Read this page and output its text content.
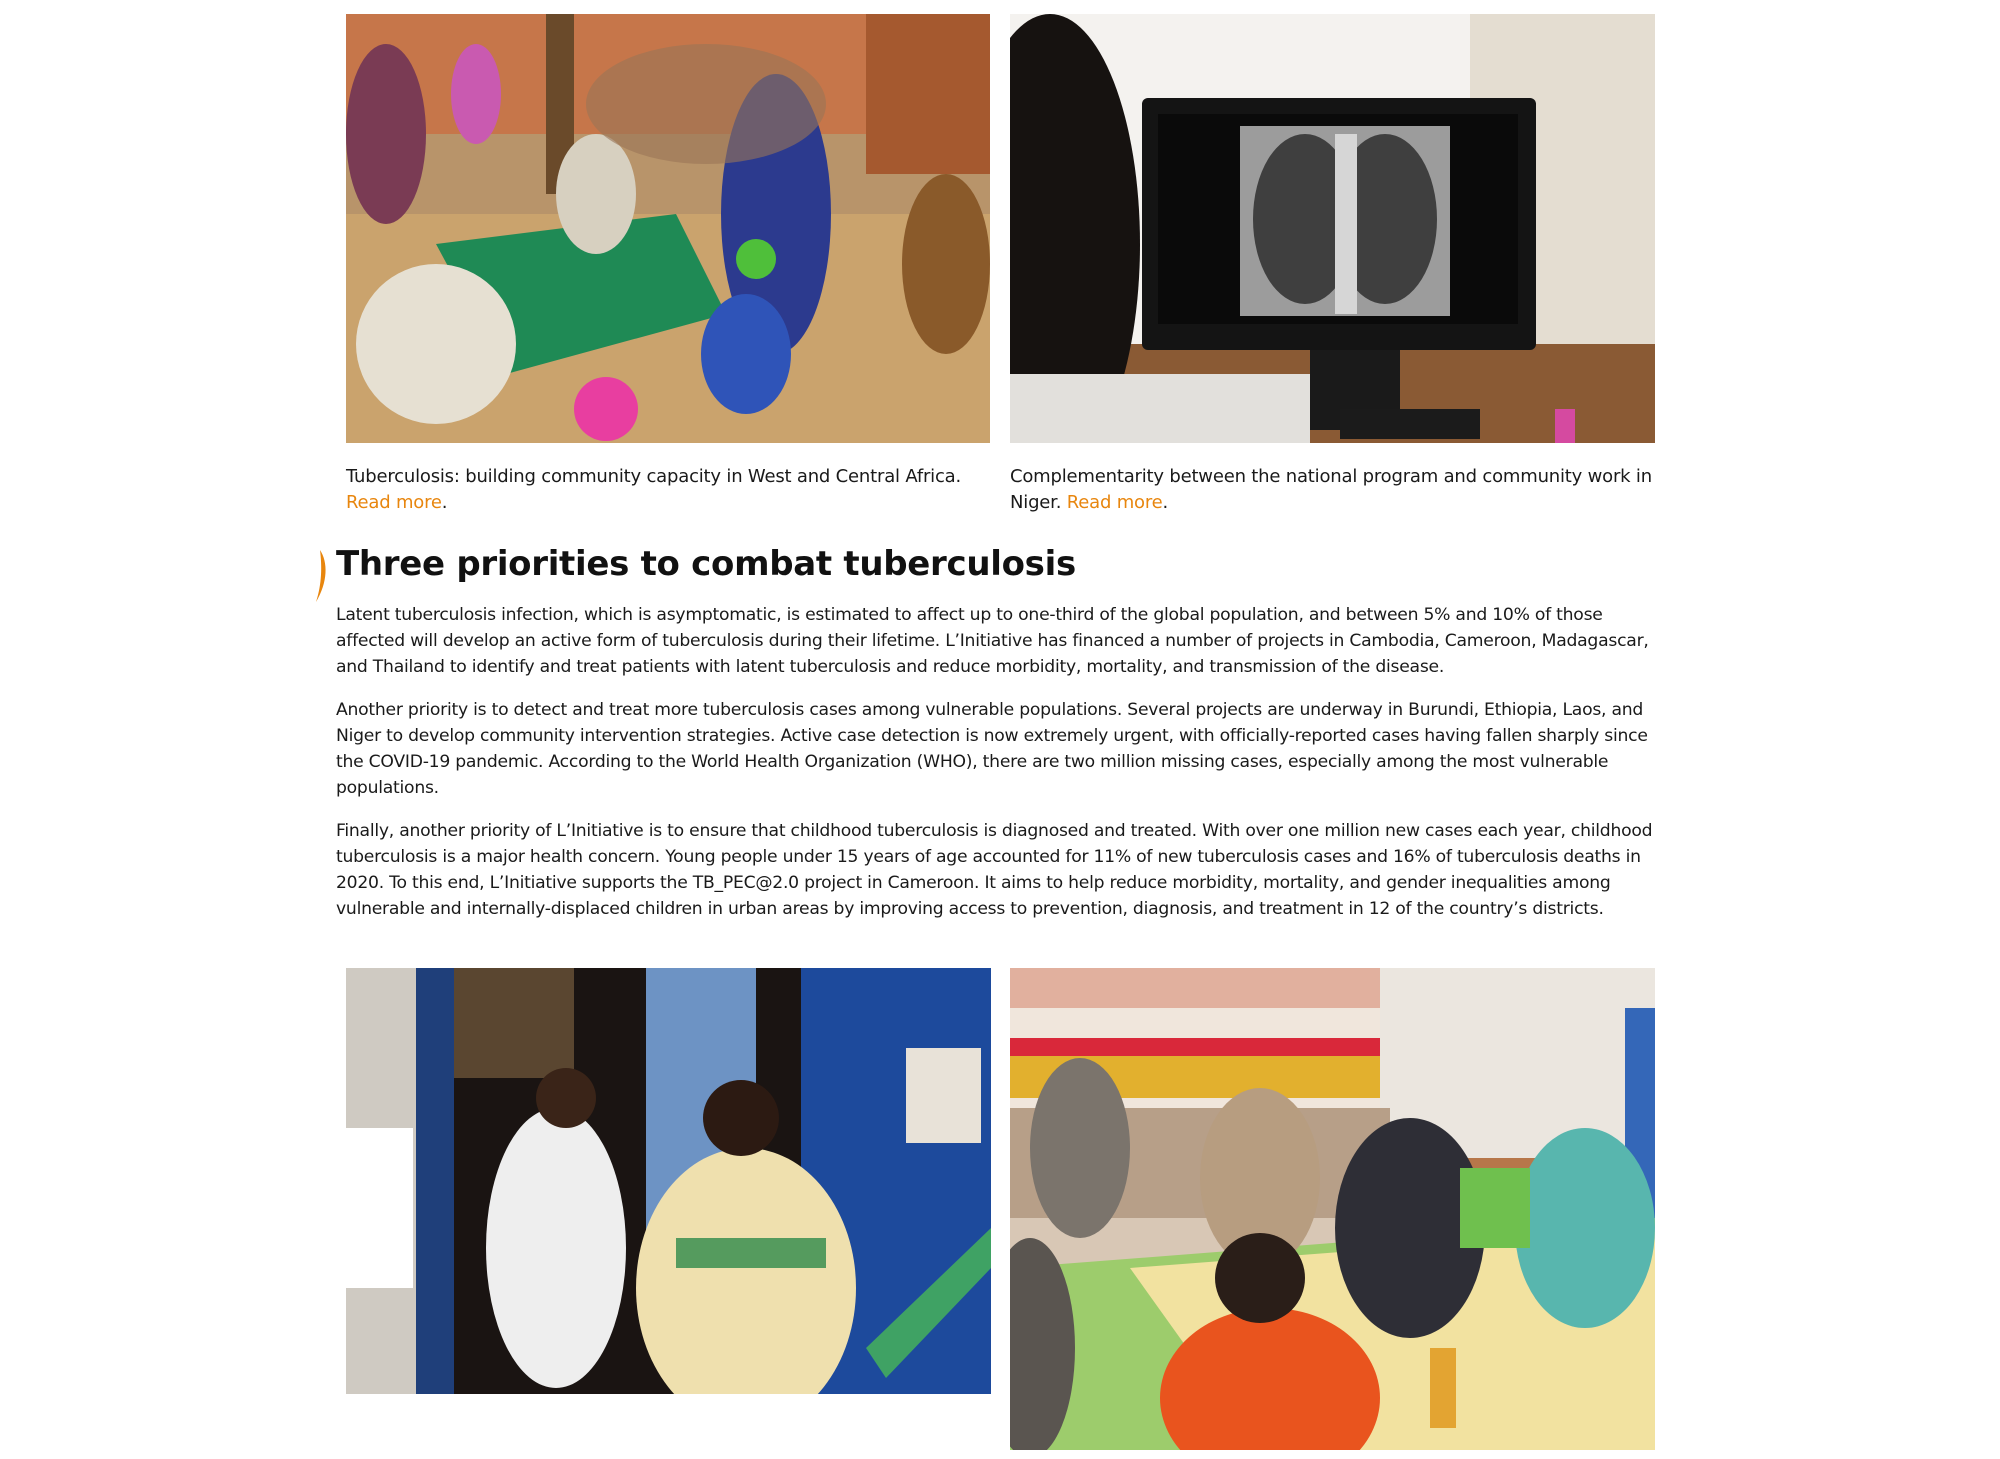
Tuberculosis: building community capacity in West and Central Africa. Read more.
Complementarity between the national program and community work in Niger. Read more.
Three priorities to combat tuberculosis

Latent tuberculosis infection, which is asymptomatic, is estimated to affect up to one-third of the global population, and between 5% and 10% of those affected will develop an active form of tuberculosis during their lifetime. L’Initiative has financed a number of projects in Cambodia, Cameroon, Madagascar, and Thailand to identify and treat patients with latent tuberculosis and reduce morbidity, mortality, and transmission of the disease.

Another priority is to detect and treat more tuberculosis cases among vulnerable populations. Several projects are underway in Burundi, Ethiopia, Laos, and Niger to develop community intervention strategies. Active case detection is now extremely urgent, with officially-reported cases having fallen sharply since the COVID-19 pandemic. According to the World Health Organization (WHO), there are two million missing cases, especially among the most vulnerable populations.

Finally, another priority of L’Initiative is to ensure that childhood tuberculosis is diagnosed and treated. With over one million new cases each year, childhood tuberculosis is a major health concern. Young people under 15 years of age accounted for 11% of new tuberculosis cases and 16% of tuberculosis deaths in 2020. To this end, L’Initiative supports the TB_PEC@2.0 project in Cameroon. It aims to help reduce morbidity, mortality, and gender inequalities among vulnerable and internally-displaced children in urban areas by improving access to prevention, diagnosis, and treatment in 12 of the country’s districts.
